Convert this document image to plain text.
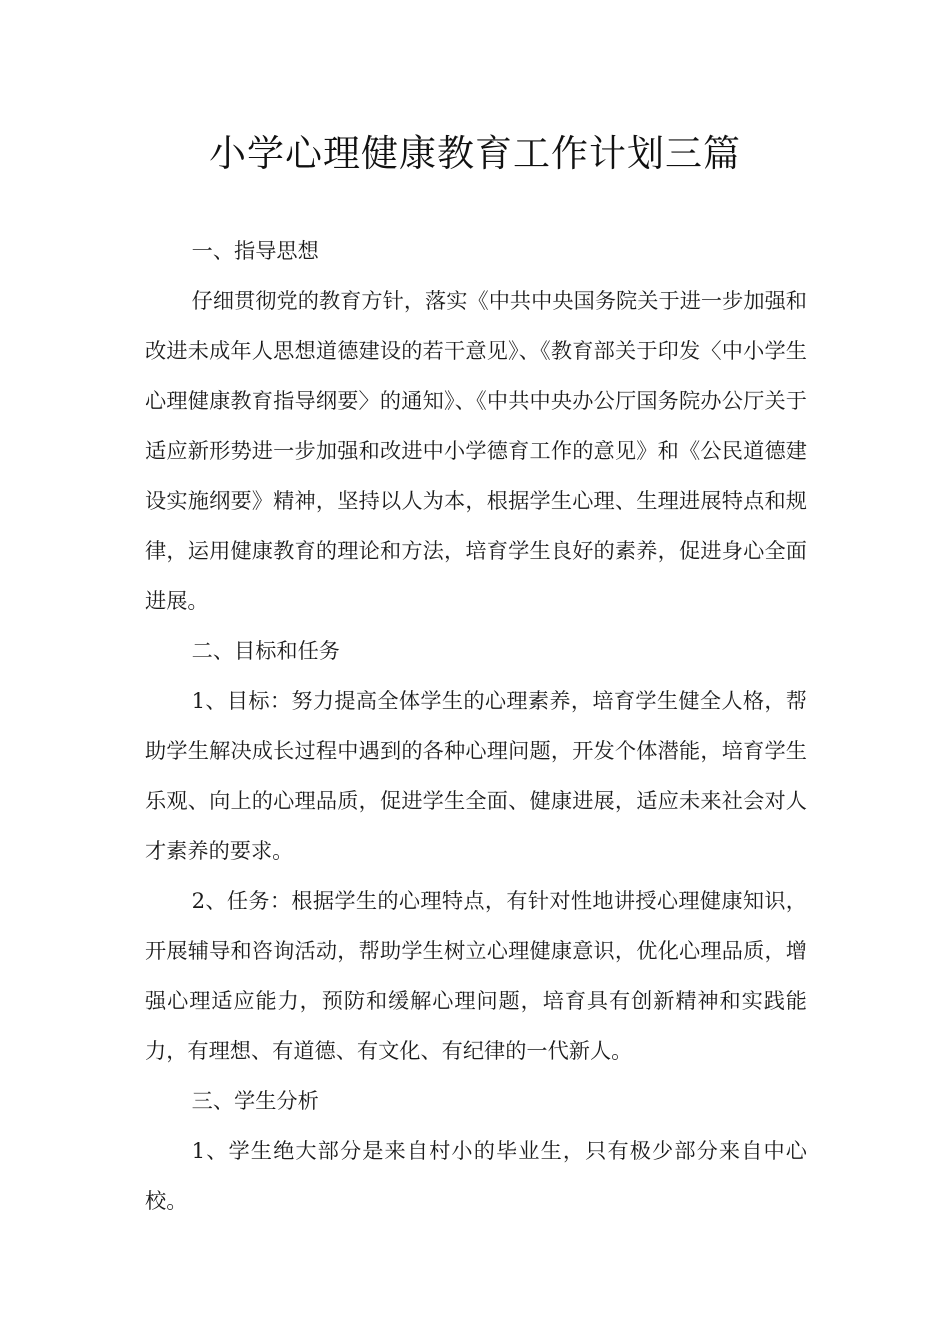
小学心理健康教育工作计划三篇

一、指导思想

仔细贯彻党的教育方针，落实《中共中央国务院关于进一步加强和改进未成年人思想道德建设的若干意见》、《教育部关于印发〈中小学生心理健康教育指导纲要〉的通知》、《中共中央办公厅国务院办公厅关于适应新形势进一步加强和改进中小学德育工作的意见》和《公民道德建设实施纲要》精神，坚持以人为本，根据学生心理、生理进展特点和规律，运用健康教育的理论和方法，培育学生良好的素养，促进身心全面进展。

二、目标和任务

1、目标：努力提高全体学生的心理素养，培育学生健全人格，帮助学生解决成长过程中遇到的各种心理问题，开发个体潜能，培育学生乐观、向上的心理品质，促进学生全面、健康进展，适应未来社会对人才素养的要求。

2、任务：根据学生的心理特点，有针对性地讲授心理健康知识，开展辅导和咨询活动，帮助学生树立心理健康意识，优化心理品质，增强心理适应能力，预防和缓解心理问题，培育具有创新精神和实践能力，有理想、有道德、有文化、有纪律的一代新人。

三、学生分析

1、学生绝大部分是来自村小的毕业生，只有极少部分来自中心校。
